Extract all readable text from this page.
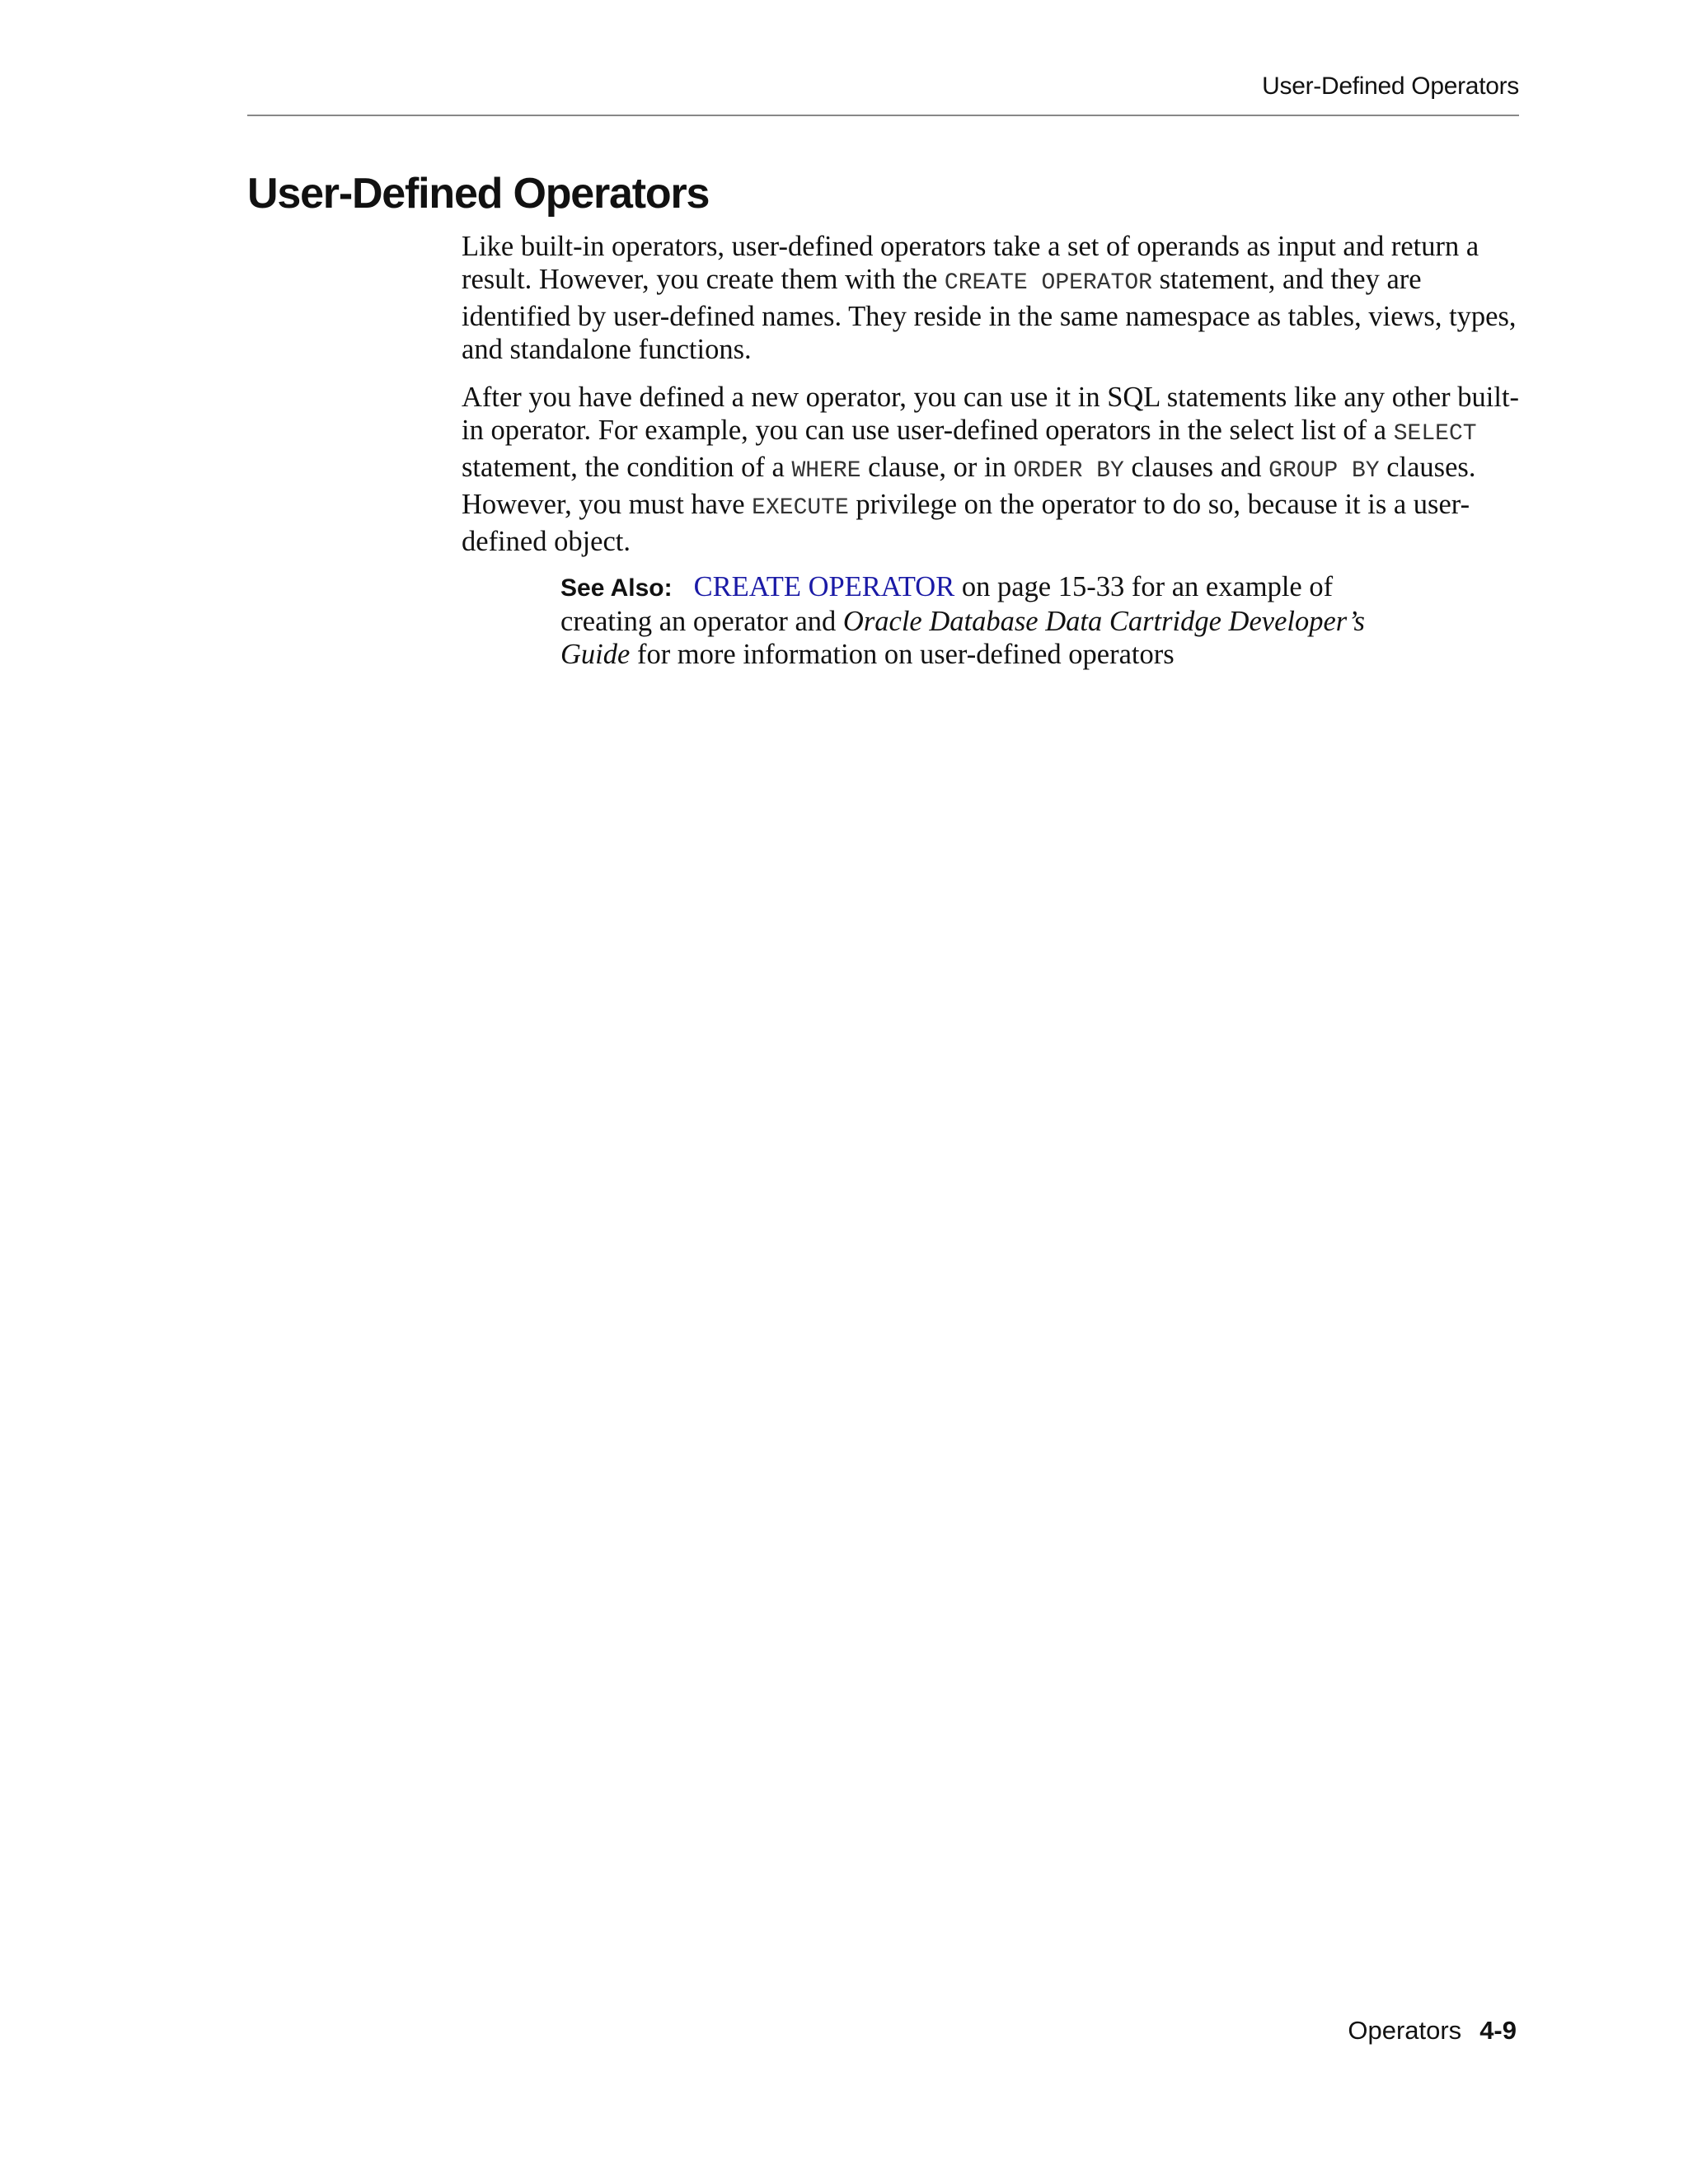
User-Defined Operators
User-Defined Operators

Like built-in operators, user-defined operators take a set of operands as input and return a result. However, you create them with the CREATE OPERATOR statement, and they are identified by user-defined names. They reside in the same namespace as tables, views, types, and standalone functions.

After you have defined a new operator, you can use it in SQL statements like any other built-in operator. For example, you can use user-defined operators in the select list of a SELECT statement, the condition of a WHERE clause, or in ORDER BY clauses and GROUP BY clauses. However, you must have EXECUTE privilege on the operator to do so, because it is a user-defined object.

See Also: CREATE OPERATOR on page 15-33 for an example of creating an operator and Oracle Database Data Cartridge Developer’s Guide for more information on user-defined operators
Operators 4-9
